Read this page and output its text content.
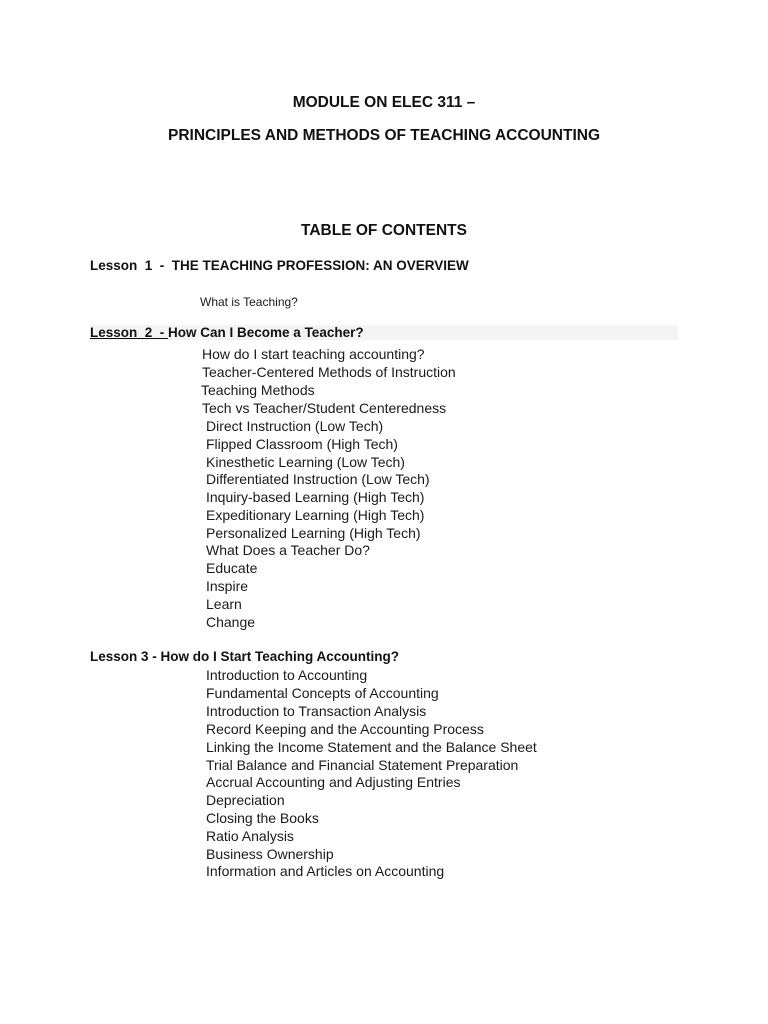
MODULE ON ELEC 311 –
PRINCIPLES AND METHODS OF TEACHING ACCOUNTING
TABLE OF CONTENTS
Lesson  1  -  THE TEACHING PROFESSION: AN OVERVIEW
What is Teaching?
Lesson  2  - How Can I Become a Teacher?
How do I start teaching accounting?
Teacher-Centered Methods of Instruction
Teaching Methods
Tech vs Teacher/Student Centeredness
Direct Instruction (Low Tech)
Flipped Classroom (High Tech)
Kinesthetic Learning (Low Tech)
Differentiated Instruction (Low Tech)
Inquiry-based Learning (High Tech)
Expeditionary Learning (High Tech)
Personalized Learning (High Tech)
What Does a Teacher Do?
Educate
Inspire
Learn
Change
Lesson 3 - How do I Start Teaching Accounting?
Introduction to Accounting
Fundamental Concepts of Accounting
Introduction to Transaction Analysis
Record Keeping and the Accounting Process
Linking the Income Statement and the Balance Sheet
Trial Balance and Financial Statement Preparation
Accrual Accounting and Adjusting Entries
Depreciation
Closing the Books
Ratio Analysis
Business Ownership
Information and Articles on Accounting
